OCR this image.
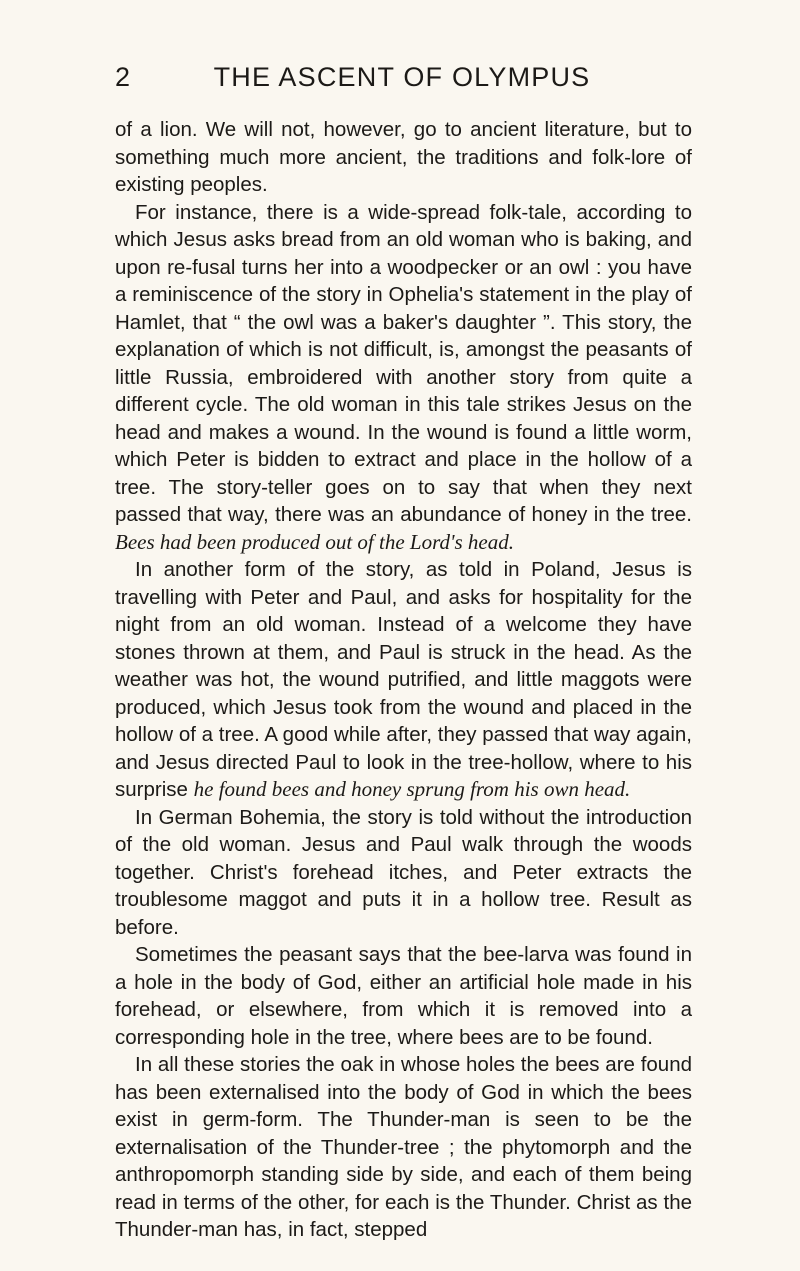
2	THE ASCENT OF OLYMPUS

of a lion. We will not, however, go to ancient literature, but to something much more ancient, the traditions and folk-lore of existing peoples.

For instance, there is a wide-spread folk-tale, according to which Jesus asks bread from an old woman who is baking, and upon re-fusal turns her into a woodpecker or an owl : you have a reminiscence of the story in Ophelia's statement in the play of Hamlet, that “ the owl was a baker's daughter ”. This story, the explanation of which is not difficult, is, amongst the peasants of little Russia, embroidered with another story from quite a different cycle. The old woman in this tale strikes Jesus on the head and makes a wound. In the wound is found a little worm, which Peter is bidden to extract and place in the hollow of a tree. The story-teller goes on to say that when they next passed that way, there was an abundance of honey in the tree. Bees had been produced out of the Lord's head.

In another form of the story, as told in Poland, Jesus is travelling with Peter and Paul, and asks for hospitality for the night from an old woman. Instead of a welcome they have stones thrown at them, and Paul is struck in the head. As the weather was hot, the wound putrified, and little maggots were produced, which Jesus took from the wound and placed in the hollow of a tree. A good while after, they passed that way again, and Jesus directed Paul to look in the tree-hollow, where to his surprise he found bees and honey sprung from his own head.

In German Bohemia, the story is told without the introduction of the old woman. Jesus and Paul walk through the woods together. Christ's forehead itches, and Peter extracts the troublesome maggot and puts it in a hollow tree. Result as before.

Sometimes the peasant says that the bee-larva was found in a hole in the body of God, either an artificial hole made in his forehead, or elsewhere, from which it is removed into a corresponding hole in the tree, where bees are to be found.

In all these stories the oak in whose holes the bees are found has been externalised into the body of God in which the bees exist in germ-form. The Thunder-man is seen to be the externalisation of the Thunder-tree ; the phytomorph and the anthropomorph standing side by side, and each of them being read in terms of the other, for each is the Thunder. Christ as the Thunder-man has, in fact, stepped
